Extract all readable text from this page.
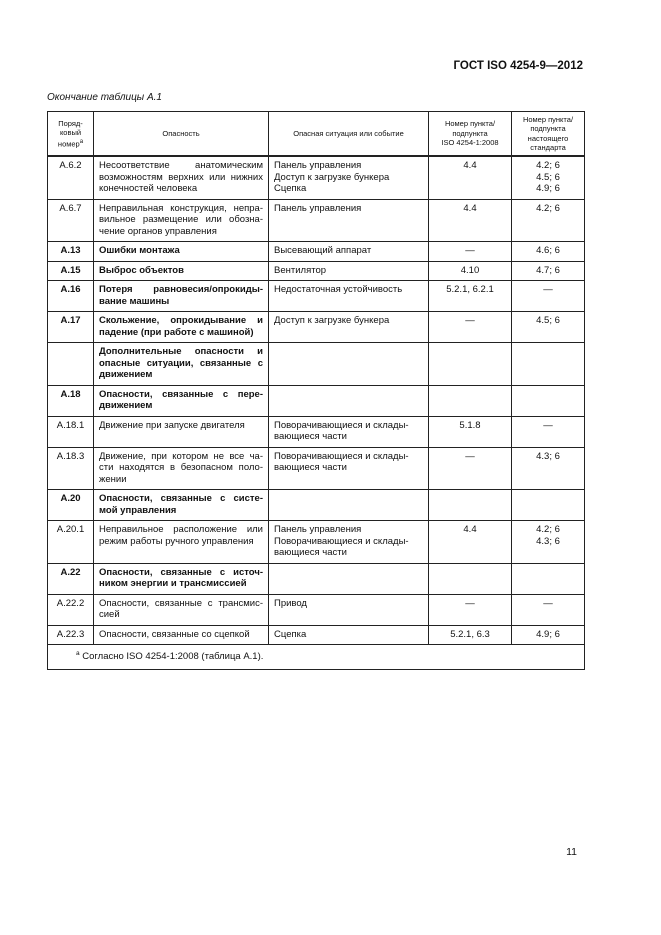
ГОСТ ISO 4254-9—2012
Окончание таблицы А.1
Поряд-
ковый
номер$^а$	Опасность	Опасная ситуация или событие	Номер пункта/
подпункта
ISO 4254-1:2008	Номер пункта/
подпункта
настоящего
стандарта
А.6.2	Несоответствие анатомическим возможностям верхних или нижних конечностей человека	Панель управления
Доступ к загрузке бункера
Сцепка	4.4	4.2; 6
4.5; 6
4.9; 6
А.6.7	Неправильная конструкция, непра-вильное размещение или обозна-чение органов управления	Панель управления	4.4	4.2; 6
А.13	Ошибки монтажа	Высевающий аппарат	—	4.6; 6
А.15	Выброс объектов	Вентилятор	4.10	4.7; 6
А.16	Потеря равновесия/опрокиды-вание машины	Недостаточная устойчивость	5.2.1, 6.2.1	—
А.17	Скольжение, опрокидывание и падение (при работе с машиной)	Доступ к загрузке бункера	—	4.5; 6
	Дополнительные опасности и опасные ситуации, связанные с движением			
А.18	Опасности, связанные с пере-движением			
А.18.1	Движение при запуске двигателя	Поворачивающиеся и склады-вающиеся части	5.1.8	—
А.18.3	Движение, при котором не все ча-сти находятся в безопасном поло-жении	Поворачивающиеся и склады-вающиеся части	—	4.3; 6
А.20	Опасности, связанные с систе-мой управления			
А.20.1	Неправильное расположение или режим работы ручного управления	Панель управления
Поворачивающиеся и склады-вающиеся части	4.4	4.2; 6
4.3; 6
А.22	Опасности, связанные с источ-ником энергии и трансмиссией			
А.22.2	Опасности, связанные с трансмис-сией	Привод	—	—
А.22.3	Опасности, связанные со сцепкой	Сцепка	5.2.1, 6.3	4.9; 6
$^а$ Согласно ISO 4254-1:2008 (таблица А.1).				
11
